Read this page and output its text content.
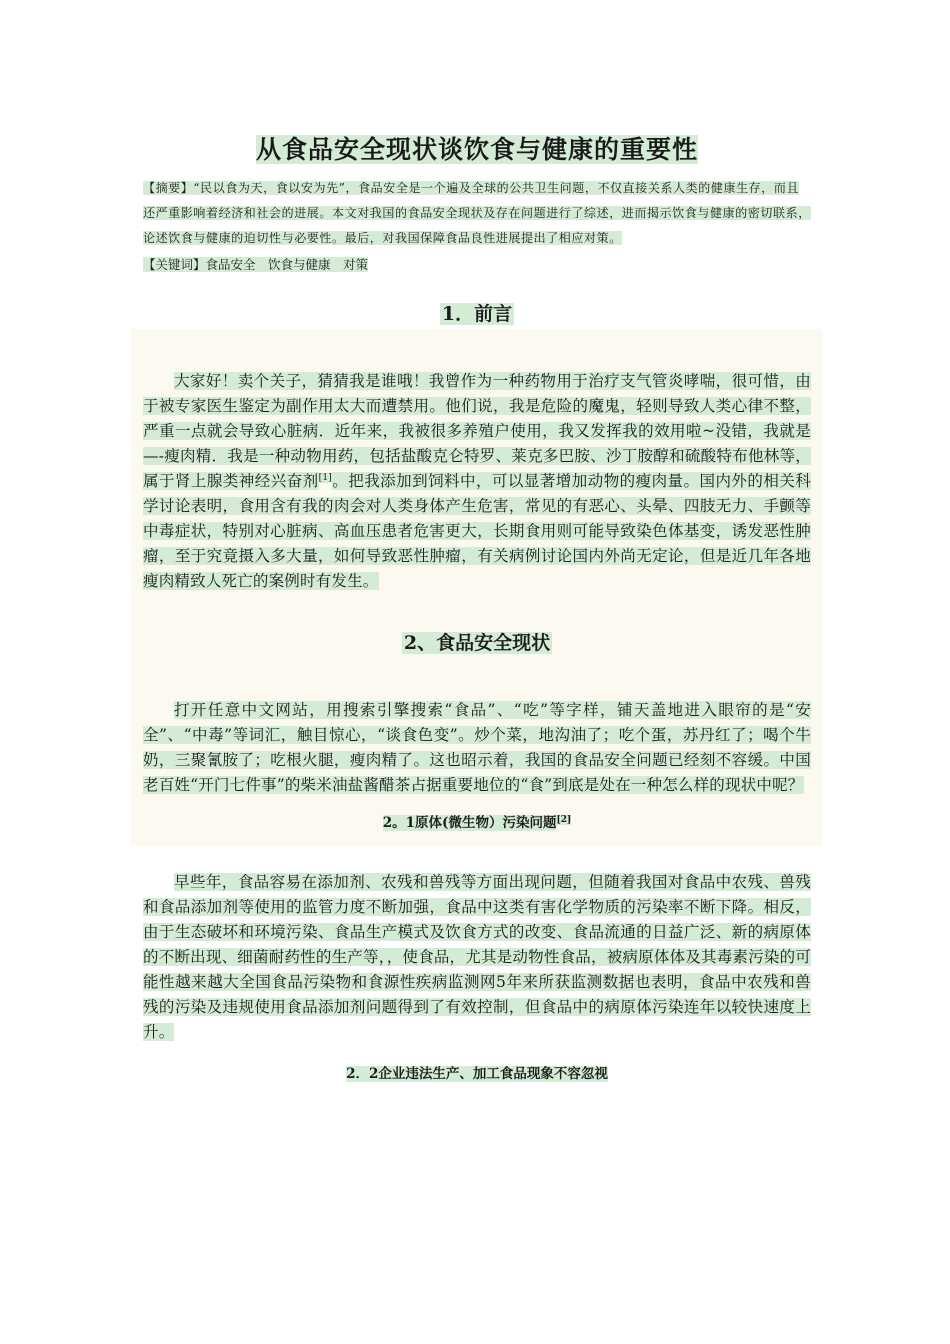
从食品安全现状谈饮食与健康的重要性

【摘要】“民以食为天，食以安为先”，食品安全是一个遍及全球的公共卫生问题，不仅直接关系人类的健康生存，而且还严重影响着经济和社会的进展。本文对我国的食品安全现状及存在问题进行了综述，进而揭示饮食与健康的密切联系，论述饮食与健康的迫切性与必要性。最后，对我国保障食品良性进展提出了相应对策。

【关键词】食品安全　饮食与健康　对策

1．前言

大家好！卖个关子，猜猜我是谁哦！我曾作为一种药物用于治疗支气管炎哮喘，很可惜，由于被专家医生鉴定为副作用太大而遭禁用。他们说，我是危险的魔鬼，轻则导致人类心律不整，严重一点就会导致心脏病．近年来，我被很多养殖户使用，我又发挥我的效用啦~没错，我就是—-瘦肉精．我是一种动物用药，包括盐酸克仑特罗、莱克多巴胺、沙丁胺醇和硫酸特布他林等，属于肾上腺类神经兴奋剂[1]。把我添加到饲料中，可以显著增加动物的瘦肉量。国内外的相关科学讨论表明，食用含有我的肉会对人类身体产生危害，常见的有恶心、头晕、四肢无力、手颤等中毒症状，特别对心脏病、高血压患者危害更大，长期食用则可能导致染色体基变，诱发恶性肿瘤，至于究竟摄入多大量，如何导致恶性肿瘤，有关病例讨论国内外尚无定论，但是近几年各地瘦肉精致人死亡的案例时有发生。

2、食品安全现状

打开任意中文网站，用搜索引擎搜索“食品”、“吃”等字样，铺天盖地进入眼帘的是“安全”、“中毒”等词汇，触目惊心，“谈食色变”。炒个菜，地沟油了；吃个蛋，苏丹红了；喝个牛奶，三聚氰胺了；吃根火腿，瘦肉精了。这也昭示着，我国的食品安全问题已经刻不容缓。中国老百姓“开门七件事”的柴米油盐酱醋茶占据重要地位的“食”到底是处在一种怎么样的现状中呢？

2。1原体(微生物）污染问题[2]

早些年，食品容易在添加剂、农残和兽残等方面出现问题，但随着我国对食品中农残、兽残和食品添加剂等使用的监管力度不断加强，食品中这类有害化学物质的污染率不断下降。相反，由于生态破坏和环境污染、食品生产模式及饮食方式的改变、食品流通的日益广泛、新的病原体的不断出现、细菌耐药性的生产等，，使食品，尤其是动物性食品，被病原体体及其毒素污染的可能性越来越大全国食品污染物和食源性疾病监测网5年来所获监测数据也表明，食品中农残和兽残的污染及违规使用食品添加剂问题得到了有效控制，但食品中的病原体污染连年以较快速度上升。

2．2企业违法生产、加工食品现象不容忽视
